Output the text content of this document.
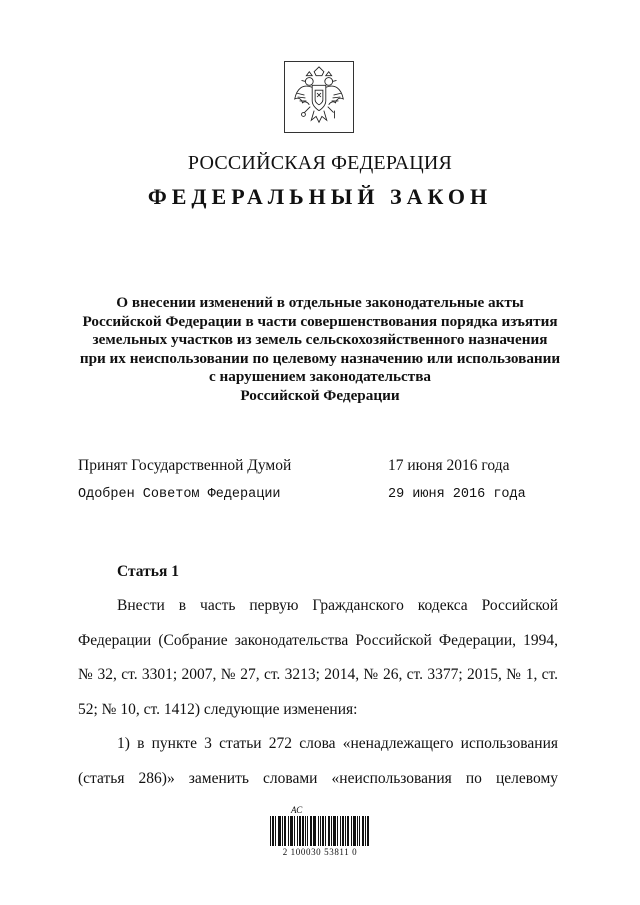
РОССИЙСКАЯ ФЕДЕРАЦИЯ
ФЕДЕРАЛЬНЫЙ ЗАКОН
О внесении изменений в отдельные законодательные акты
Российской Федерации в части совершенствования порядка изъятия
земельных участков из земель сельскохозяйственного назначения
при их неиспользовании по целевому назначению или использовании
с нарушением законодательства
Российской Федерации
Принят Государственной Думой	17 июня 2016 года
Одобрен Советом Федерации	29 июня 2016 года
Статья 1

Внести в часть первую Гражданского кодекса Российской Федерации (Собрание законодательства Российской Федерации, 1994, № 32, ст. 3301; 2007, № 27, ст. 3213; 2014, № 26, ст. 3377; 2015, № 1, ст. 52; № 10, ст. 1412) следующие изменения:

1) в пункте 3 статьи 272 слова «ненадлежащего использования (статья 286)» заменить словами «неиспользования по целевому

АС
2 100030 53811 0
